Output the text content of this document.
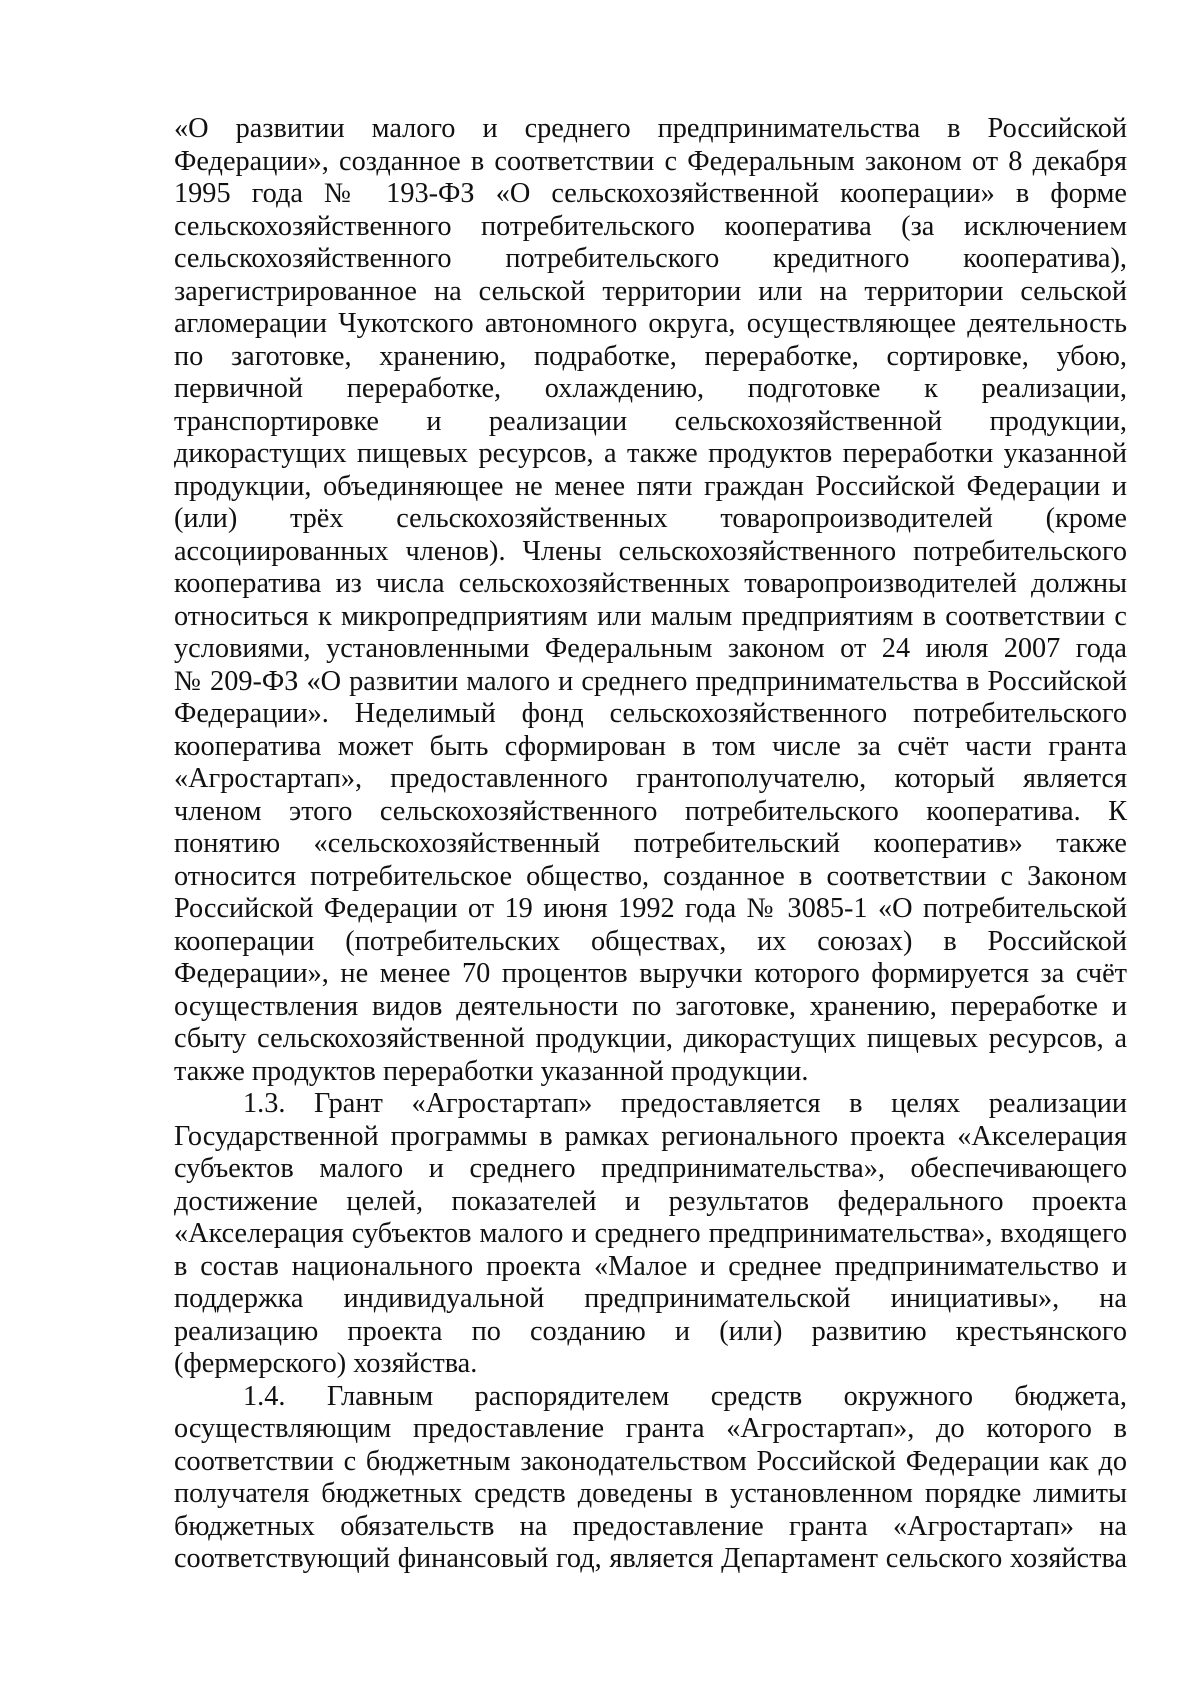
«О развитии малого и среднего предпринимательства в Российской
Федерации», созданное в соответствии с Федеральным законом от 8 декабря
1995 года № 193-ФЗ «О сельскохозяйственной кооперации» в форме
сельскохозяйственного потребительского кооператива (за исключением
сельскохозяйственного потребительского кредитного кооператива),
зарегистрированное на сельской территории или на территории сельской
агломерации Чукотского автономного округа, осуществляющее деятельность
по заготовке, хранению, подработке, переработке, сортировке, убою,
первичной переработке, охлаждению, подготовке к реализации,
транспортировке и реализации сельскохозяйственной продукции,
дикорастущих пищевых ресурсов, а также продуктов переработки указанной
продукции, объединяющее не менее пяти граждан Российской Федерации и
(или) трёх сельскохозяйственных товаропроизводителей (кроме
ассоциированных членов). Члены сельскохозяйственного потребительского
кооператива из числа сельскохозяйственных товаропроизводителей должны
относиться к микропредприятиям или малым предприятиям в соответствии с
условиями, установленными Федеральным законом от 24 июля 2007 года
№ 209-ФЗ «О развитии малого и среднего предпринимательства в Российской
Федерации». Неделимый фонд сельскохозяйственного потребительского
кооператива может быть сформирован в том числе за счёт части гранта
«Агростартап», предоставленного грантополучателю, который является
членом этого сельскохозяйственного потребительского кооператива. К
понятию «сельскохозяйственный потребительский кооператив» также
относится потребительское общество, созданное в соответствии с Законом
Российской Федерации от 19 июня 1992 года № 3085-1 «О потребительской
кооперации (потребительских обществах, их союзах) в Российской
Федерации», не менее 70 процентов выручки которого формируется за счёт
осуществления видов деятельности по заготовке, хранению, переработке и
сбыту сельскохозяйственной продукции, дикорастущих пищевых ресурсов, а
также продуктов переработки указанной продукции.
1.3. Грант «Агростартап» предоставляется в целях реализации
Государственной программы в рамках регионального проекта «Акселерация
субъектов малого и среднего предпринимательства», обеспечивающего
достижение целей, показателей и результатов федерального проекта
«Акселерация субъектов малого и среднего предпринимательства», входящего
в состав национального проекта «Малое и среднее предпринимательство и
поддержка индивидуальной предпринимательской инициативы», на
реализацию проекта по созданию и (или) развитию крестьянского
(фермерского) хозяйства.
1.4. Главным распорядителем средств окружного бюджета,
осуществляющим предоставление гранта «Агростартап», до которого в
соответствии с бюджетным законодательством Российской Федерации как до
получателя бюджетных средств доведены в установленном порядке лимиты
бюджетных обязательств на предоставление гранта «Агростартап» на
соответствующий финансовый год, является Департамент сельского хозяйства
